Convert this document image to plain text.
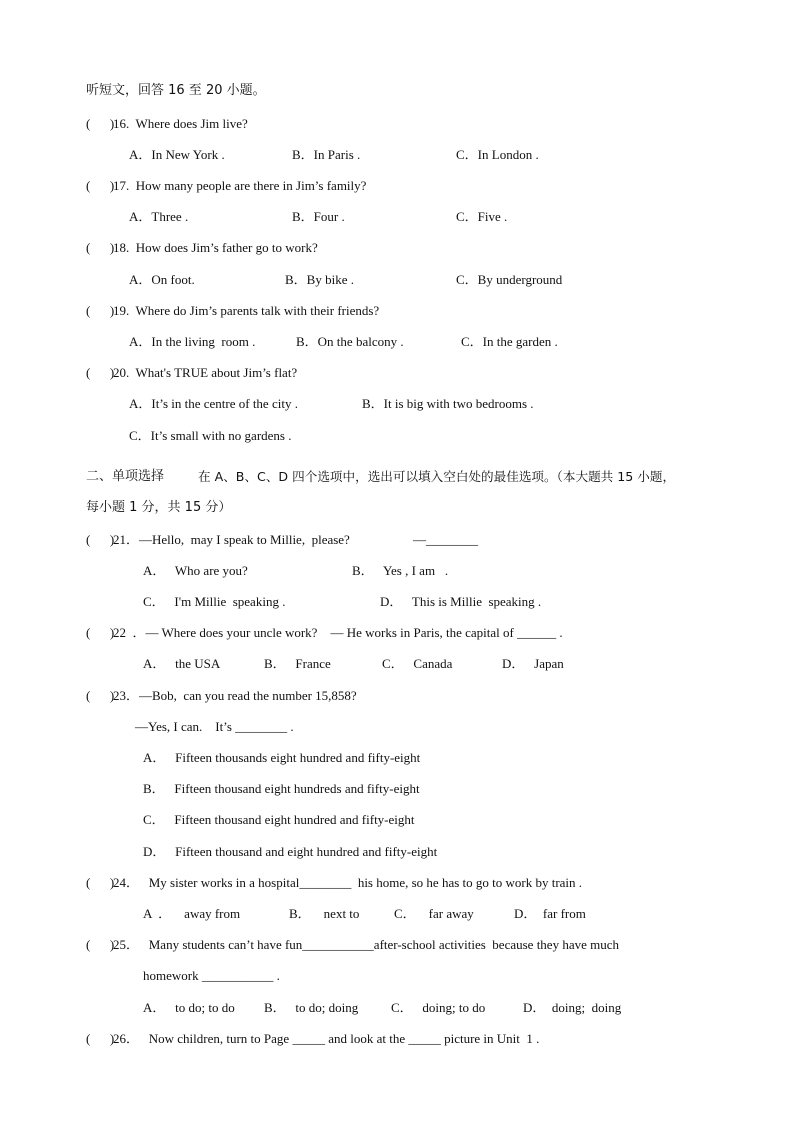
听短文，回答 16 至 20 小题。
(      )
16.  Where does Jim live?
A．In New York .	B．In Paris .	C．In London .
(      )
17.  How many people are there in Jim’s family?
A．Three .	B．Four .	C．Five .
(      )
18.  How does Jim’s father go to work?
A．On foot.	B．By bike .	C．By underground
(      )
19.  Where do Jim’s parents talk with their friends?
A．In the living  room .	B．On the balcony .	C．In the garden .
(      )
20.  What's TRUE about Jim’s flat?
A．It’s in the centre of the city .	B．It is big with two bedrooms .
C．It’s small with no gardens .
二、单项选择	在 A、B、C、D 四个选项中，选出可以填入空白处的最佳选项。（本大题共 15 小题，
每小题 1 分，共 15 分）
(      )
21．—Hello,  may I speak to Millie,  please?	—________
A．   Who are you?	B．   Yes , I am   .
C．   I'm Millie  speaking .	D．   This is Millie  speaking .
(      )
22  ．— Where does your uncle work?    — He works in Paris, the capital of ______ .
A．   the USA	B．   France	C．   Canada	D．   Japan
(      )
23．—Bob,  can you read the number 15,858?
—Yes, I can.    It’s ________ .
A．   Fifteen thousands eight hundred and fifty-eight
B．   Fifteen thousand eight hundreds and fifty-eight
C．   Fifteen thousand eight hundred and fifty-eight
D．   Fifteen thousand and eight hundred and fifty-eight
(      )
24．   My sister works in a hospital________  his home, so he has to go to work by train .
A  ．    away from	B．    next to	C．    far away	D．  far from
(      )
25．   Many students can’t have fun___________after-school activities  because they have much
homework ___________ .
A．   to do; to do B．   to do; doing	C．   doing; to do	D．  doing;  doing
(      )
26．   Now children, turn to Page _____ and look at the _____ picture in Unit  1 .
